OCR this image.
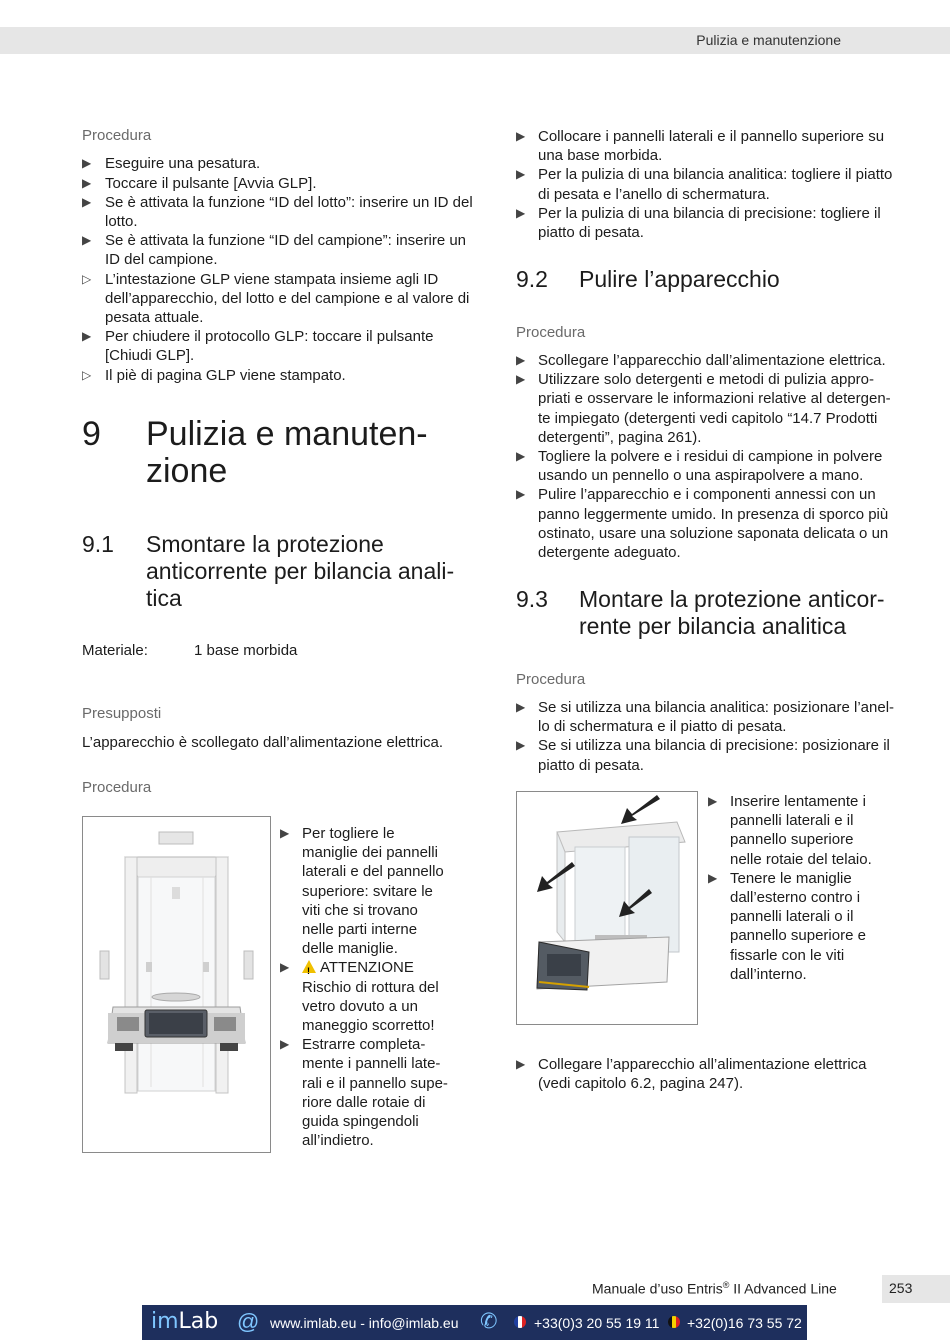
Pulizia e manutenzione
Procedura
▶ Eseguire una pesatura.
▶ Toccare il pulsante [Avvia GLP].
▶ Se è attivata la funzione “ID del lotto”: inserire un ID del lotto.
▶ Se è attivata la funzione “ID del campione”: inserire un ID del campione.
▷ L’intestazione GLP viene stampata insieme agli ID dell’apparecchio, del lotto e del campione e al valore di pesata attuale.
▶ Per chiudere il protocollo GLP: toccare il pulsante [Chiudi GLP].
▷ Il piè di pagina GLP viene stampato.
9 Pulizia e manuten-
zione
9.1 Smontare la protezione
anticorrente per bilancia anali-
tica
Materiale:	1 base morbida
Presupposti
L’apparecchio è scollegato dall’alimentazione elettrica.
Procedura
▶ Per togliere le
maniglie dei pannelli
laterali e del pannello
superiore: svitare le
viti che si trovano
nelle parti interne
delle maniglie.
▶ ! ATTENZIONE
Rischio di rottura del
vetro dovuto a un
maneggio scorretto!
▶ Estrarre completa-
mente i pannelli late-
rali e il pannello supe-
riore dalle rotaie di
guida spingendoli
all’indietro.
▶ Collocare i pannelli laterali e il pannello superiore su
una base morbida.
▶ Per la pulizia di una bilancia analitica: togliere il piatto
di pesata e l’anello di schermatura.
▶ Per la pulizia di una bilancia di precisione: togliere il
piatto di pesata.
9.2 Pulire l’apparecchio
Procedura
▶ Scollegare l’apparecchio dall’alimentazione elettrica.
▶ Utilizzare solo detergenti e metodi di pulizia appro-
priati e osservare le informazioni relative al detergen-
te impiegato (detergenti vedi capitolo “14.7 Prodotti
detergenti”, pagina 261).
▶ Togliere la polvere e i residui di campione in polvere
usando un pennello o una aspirapolvere a mano.
▶ Pulire l’apparecchio e i componenti annessi con un
panno leggermente umido. In presenza di sporco più
ostinato, usare una soluzione saponata delicata o un
detergente adeguato.
9.3 Montare la protezione anticor-
rente per bilancia analitica
Procedura
▶ Se si utilizza una bilancia analitica: posizionare l’anel-
lo di schermatura e il piatto di pesata.
▶ Se si utilizza una bilancia di precisione: posizionare il
piatto di pesata.
▶ Inserire lentamente i
pannelli laterali e il
pannello superiore
nelle rotaie del telaio.
▶ Tenere le maniglie
dall’esterno contro i
pannelli laterali o il
pannello superiore e
fissarle con le viti
dall’interno.
▶ Collegare l’apparecchio all’alimentazione elettrica
(vedi capitolo 6.2, pagina 247).
Manuale d’uso Entris® II Advanced Line	253
imLab @ www.imlab.eu - info@imlab.eu ✆	+33(0)3 20 55 19 11 +32(0)16 73 55 72
